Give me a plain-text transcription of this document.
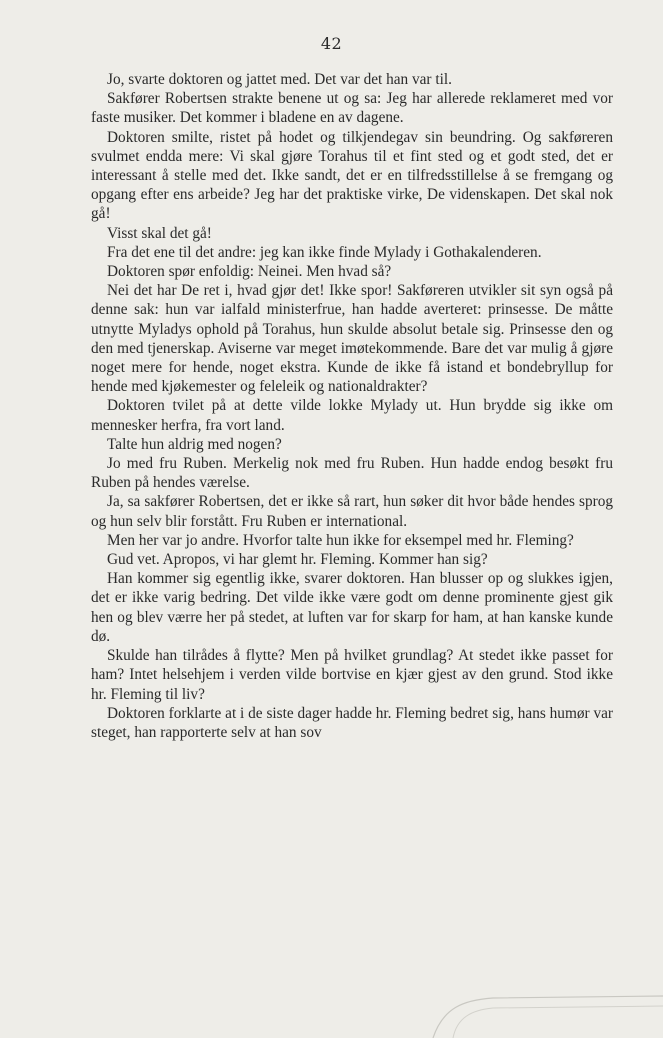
42

Jo, svarte doktoren og jattet med. Det var det han var til.

Sakfører Robertsen strakte benene ut og sa: Jeg har allerede reklameret med vor faste musiker. Det kommer i bladene en av dagene.

Doktoren smilte, ristet på hodet og tilkjendegav sin beundring. Og sakføreren svulmet endda mere: Vi skal gjøre Torahus til et fint sted og et godt sted, det er interessant å stelle med det. Ikke sandt, det er en tilfredsstillelse å se fremgang og opgang efter ens arbeide? Jeg har det praktiske virke, De videnskapen. Det skal nok gå!

Visst skal det gå!

Fra det ene til det andre: jeg kan ikke finde Mylady i Gothakalenderen.

Doktoren spør enfoldig: Neinei. Men hvad så?

Nei det har De ret i, hvad gjør det! Ikke spor! Sakføreren utvikler sit syn også på denne sak: hun var ialfald ministerfrue, han hadde averteret: prinsesse. De måtte utnytte Myladys ophold på Torahus, hun skulde absolut betale sig. Prinsesse den og den med tjenerskap. Aviserne var meget imøtekommende. Bare det var mulig å gjøre noget mere for hende, noget ekstra. Kunde de ikke få istand et bondebryllup for hende med kjøkemester og feleleik og nationaldrakter?

Doktoren tvilet på at dette vilde lokke Mylady ut. Hun brydde sig ikke om mennesker herfra, fra vort land.

Talte hun aldrig med nogen?

Jo med fru Ruben. Merkelig nok med fru Ruben. Hun hadde endog besøkt fru Ruben på hendes værelse.

Ja, sa sakfører Robertsen, det er ikke så rart, hun søker dit hvor både hendes sprog og hun selv blir forstått. Fru Ruben er international.

Men her var jo andre. Hvorfor talte hun ikke for eksempel med hr. Fleming?

Gud vet. Apropos, vi har glemt hr. Fleming. Kommer han sig?

Han kommer sig egentlig ikke, svarer doktoren. Han blusser op og slukkes igjen, det er ikke varig bedring. Det vilde ikke være godt om denne prominente gjest gik hen og blev værre her på stedet, at luften var for skarp for ham, at han kanske kunde dø.

Skulde han tilrådes å flytte? Men på hvilket grundlag? At stedet ikke passet for ham? Intet helsehjem i verden vilde bortvise en kjær gjest av den grund. Stod ikke hr. Fleming til liv?

Doktoren forklarte at i de siste dager hadde hr. Fleming bedret sig, hans humør var steget, han rapporterte selv at han sov
